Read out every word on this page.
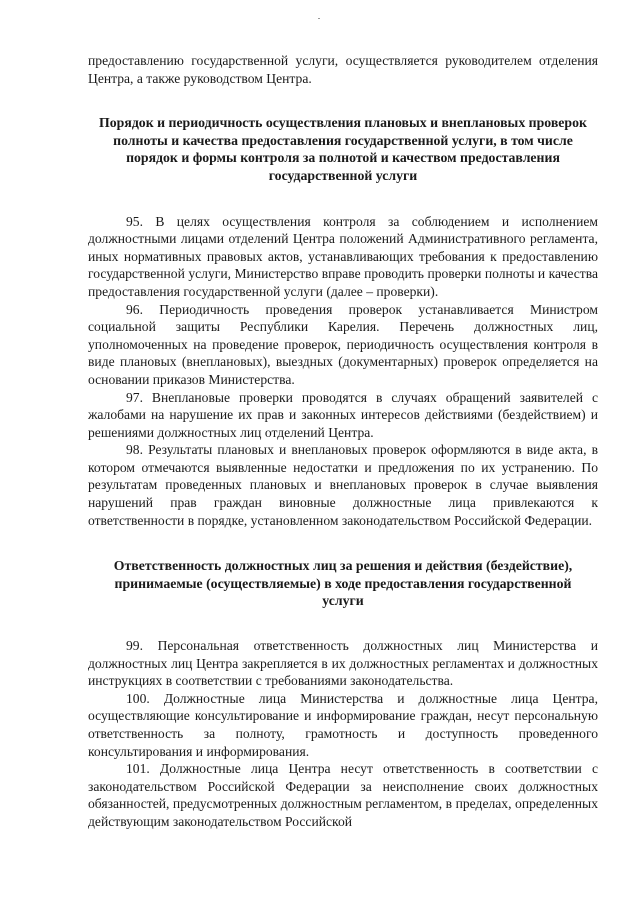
предоставлению государственной услуги, осуществляется руководителем отделения Центра, а также руководством Центра.

Порядок и периодичность осуществления плановых и внеплановых проверок полноты и качества предоставления государственной услуги, в том числе порядок и формы контроля за полнотой и качеством предоставления государственной услуги

95. В целях осуществления контроля за соблюдением и исполнением должностными лицами отделений Центра положений Административного регламента, иных нормативных правовых актов, устанавливающих требования к предоставлению государственной услуги, Министерство вправе проводить проверки полноты и качества предоставления государственной услуги (далее – проверки).

96. Периодичность проведения проверок устанавливается Министром социальной защиты Республики Карелия. Перечень должностных лиц, уполномоченных на проведение проверок, периодичность осуществления контроля в виде плановых (внеплановых), выездных (документарных) проверок определяется на основании приказов Министерства.

97. Внеплановые проверки проводятся в случаях обращений заявителей с жалобами на нарушение их прав и законных интересов действиями (бездействием) и решениями должностных лиц отделений Центра.

98. Результаты плановых и внеплановых проверок оформляются в виде акта, в котором отмечаются выявленные недостатки и предложения по их устранению. По результатам проведенных плановых и внеплановых проверок в случае выявления нарушений прав граждан виновные должностные лица привлекаются к ответственности в порядке, установленном законодательством Российской Федерации.

Ответственность должностных лиц за решения и действия (бездействие), принимаемые (осуществляемые) в ходе предоставления государственной услуги

99. Персональная ответственность должностных лиц Министерства и должностных лиц Центра закрепляется в их должностных регламентах и должностных инструкциях в соответствии с требованиями законодательства.

100. Должностные лица Министерства и должностные лица Центра, осуществляющие консультирование и информирование граждан, несут персональную ответственность за полноту, грамотность и доступность проведенного консультирования и информирования.

101. Должностные лица Центра несут ответственность в соответствии с законодательством Российской Федерации за неисполнение своих должностных обязанностей, предусмотренных должностным регламентом, в пределах, определенных действующим законодательством Российской
